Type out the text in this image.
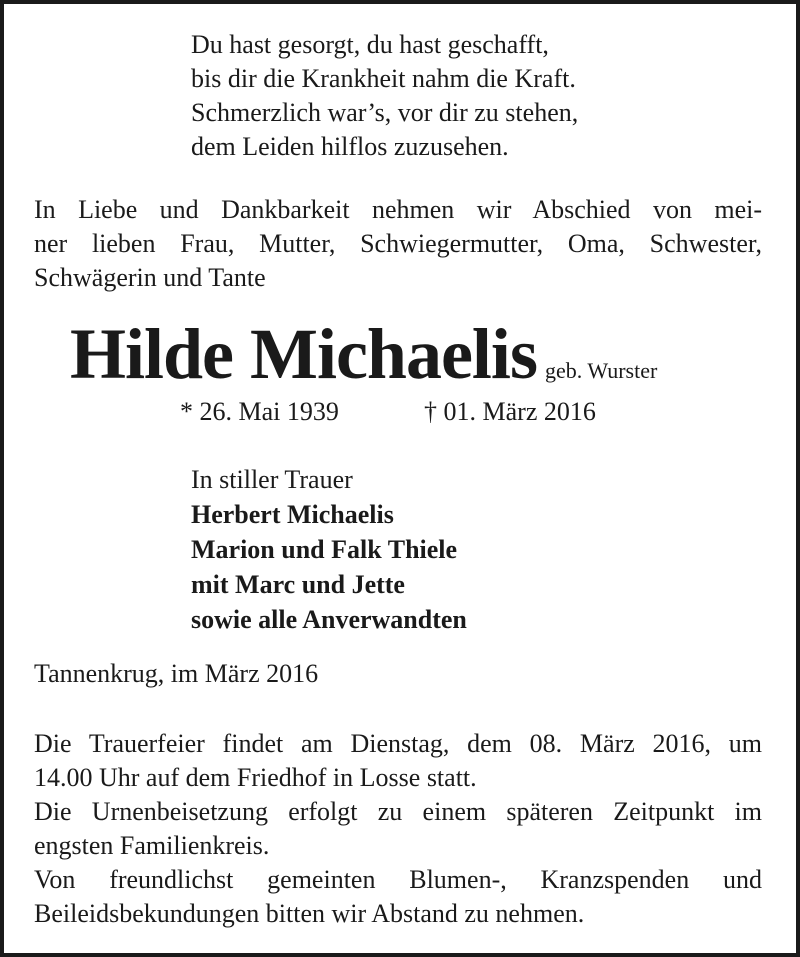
Du hast gesorgt, du hast geschafft,
bis dir die Krankheit nahm die Kraft.
Schmerzlich war’s, vor dir zu stehen,
dem Leiden hilflos zuzusehen.
In Liebe und Dankbarkeit nehmen wir Abschied von mei-
ner lieben Frau, Mutter, Schwiegermutter, Oma, Schwester,
Schwägerin und Tante
Hilde Michaelis geb. Wurster
* 26. Mai 1939	† 01. März 2016
In stiller Trauer
Herbert Michaelis
Marion und Falk Thiele
mit Marc und Jette
sowie alle Anverwandten
Tannenkrug, im März 2016
Die Trauerfeier findet am Dienstag, dem 08. März 2016, um
14.00 Uhr auf dem Friedhof in Losse statt.
Die Urnenbeisetzung erfolgt zu einem späteren Zeitpunkt im
engsten Familienkreis.
Von freundlichst gemeinten Blumen-, Kranzspenden und
Beileidsbekundungen bitten wir Abstand zu nehmen.
